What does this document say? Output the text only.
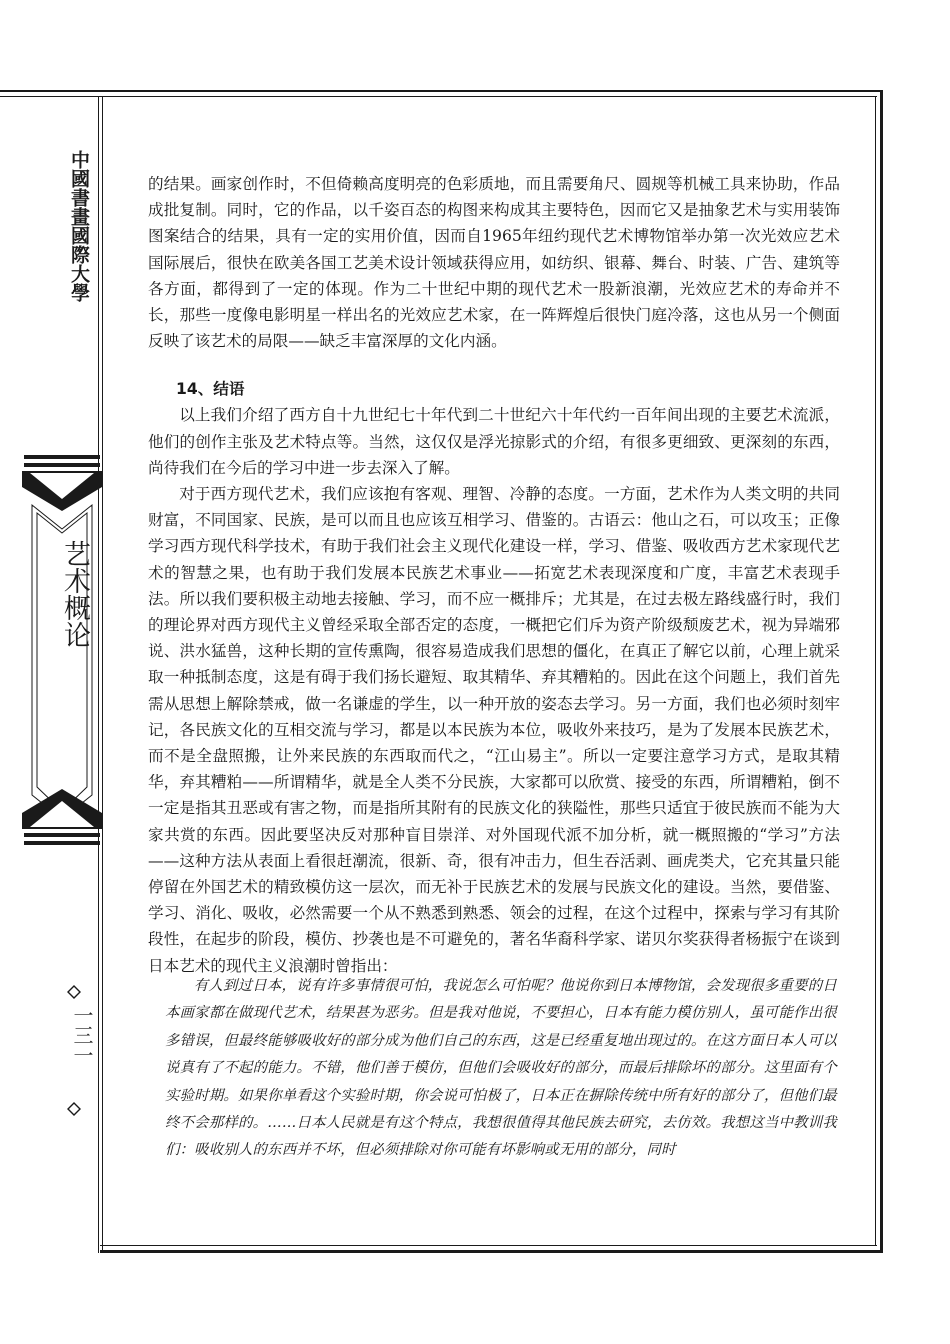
中國書畫國際大學
艺术概论
一三一

的结果。画家创作时，不但倚赖高度明亮的色彩质地，而且需要角尺、圆规等机械工具来协助，作品成批复制。同时，它的作品，以千姿百态的构图来构成其主要特色，因而它又是抽象艺术与实用装饰图案结合的结果，具有一定的实用价值，因而自1965年纽约现代艺术博物馆举办第一次光效应艺术国际展后，很快在欧美各国工艺美术设计领域获得应用，如纺织、银幕、舞台、时装、广告、建筑等各方面，都得到了一定的体现。作为二十世纪中期的现代艺术一股新浪潮，光效应艺术的寿命并不长，那些一度像电影明星一样出名的光效应艺术家，在一阵辉煌后很快门庭冷落，这也从另一个侧面反映了该艺术的局限——缺乏丰富深厚的文化内涵。

14、结语

以上我们介绍了西方自十九世纪七十年代到二十世纪六十年代约一百年间出现的主要艺术流派，他们的创作主张及艺术特点等。当然，这仅仅是浮光掠影式的介绍，有很多更细致、更深刻的东西，尚待我们在今后的学习中进一步去深入了解。

对于西方现代艺术，我们应该抱有客观、理智、冷静的态度。一方面，艺术作为人类文明的共同财富，不同国家、民族，是可以而且也应该互相学习、借鉴的。古语云：他山之石，可以攻玉；正像学习西方现代科学技术，有助于我们社会主义现代化建设一样，学习、借鉴、吸收西方艺术家现代艺术的智慧之果，也有助于我们发展本民族艺术事业——拓宽艺术表现深度和广度，丰富艺术表现手法。所以我们要积极主动地去接触、学习，而不应一概排斥；尤其是，在过去极左路线盛行时，我们的理论界对西方现代主义曾经采取全部否定的态度，一概把它们斥为资产阶级颓废艺术，视为异端邪说、洪水猛兽，这种长期的宣传熏陶，很容易造成我们思想的僵化，在真正了解它以前，心理上就采取一种抵制态度，这是有碍于我们扬长避短、取其精华、弃其糟粕的。因此在这个问题上，我们首先需从思想上解除禁戒，做一名谦虚的学生，以一种开放的姿态去学习。另一方面，我们也必须时刻牢记，各民族文化的互相交流与学习，都是以本民族为本位，吸收外来技巧，是为了发展本民族艺术，而不是全盘照搬，让外来民族的东西取而代之，“江山易主”。所以一定要注意学习方式，是取其精华，弃其糟粕——所谓精华，就是全人类不分民族，大家都可以欣赏、接受的东西，所谓糟粕，倒不一定是指其丑恶或有害之物，而是指所其附有的民族文化的狭隘性，那些只适宜于彼民族而不能为大家共赏的东西。因此要坚决反对那种盲目崇洋、对外国现代派不加分析，就一概照搬的“学习”方法——这种方法从表面上看很赶潮流，很新、奇，很有冲击力，但生吞活剥、画虎类犬，它充其量只能停留在外国艺术的精致模仿这一层次，而无补于民族艺术的发展与民族文化的建设。当然，要借鉴、学习、消化、吸收，必然需要一个从不熟悉到熟悉、领会的过程，在这个过程中，探索与学习有其阶段性，在起步的阶段，模仿、抄袭也是不可避免的，著名华裔科学家、诺贝尔奖获得者杨振宁在谈到日本艺术的现代主义浪潮时曾指出：

有人到过日本，说有许多事情很可怕，我说怎么可怕呢？他说你到日本博物馆，会发现很多重要的日本画家都在做现代艺术，结果甚为恶劣。但是我对他说，不要担心，日本有能力模仿别人，虽可能作出很多错误，但最终能够吸收好的部分成为他们自己的东西，这是已经重复地出现过的。在这方面日本人可以说真有了不起的能力。不错，他们善于模仿，但他们会吸收好的部分，而最后排除坏的部分。这里面有个实验时期。如果你单看这个实验时期，你会说可怕极了，日本正在摒除传统中所有好的部分了，但他们最终不会那样的。……日本人民就是有这个特点，我想很值得其他民族去研究，去仿效。我想这当中教训我们：吸收别人的东西并不坏，但必须排除对你可能有坏影响或无用的部分，同时
